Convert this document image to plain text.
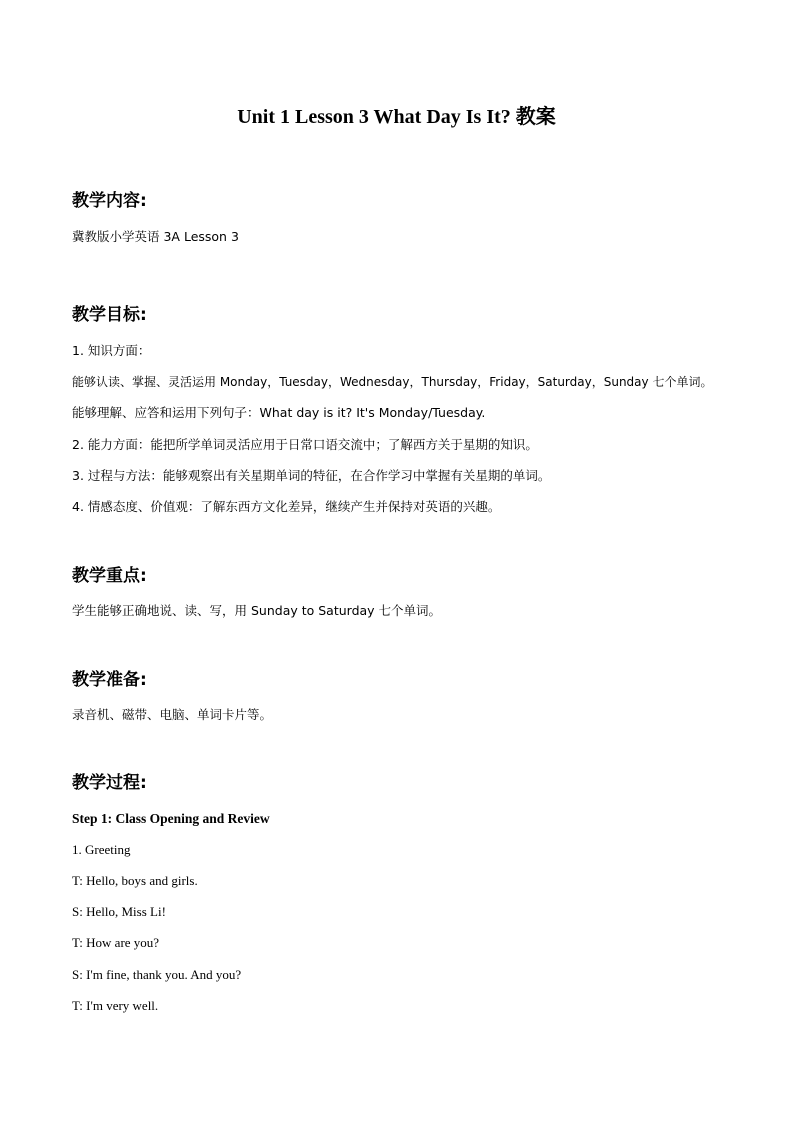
Unit 1 Lesson 3 What Day Is It? 教案
教学内容:
冀教版小学英语 3A Lesson 3
教学目标:
1. 知识方面：
能够认读、掌握、灵活运用 Monday，Tuesday，Wednesday，Thursday，Friday，Saturday，Sunday 七个单词。
能够理解、应答和运用下列句子：What day is it? It's Monday/Tuesday.
2. 能力方面：能把所学单词灵活应用于日常口语交流中；了解西方关于星期的知识。
3. 过程与方法：能够观察出有关星期单词的特征，在合作学习中掌握有关星期的单词。
4. 情感态度、价值观：了解东西方文化差异，继续产生并保持对英语的兴趣。
教学重点:
学生能够正确地说、读、写，用 Sunday to Saturday 七个单词。
教学准备:
录音机、磁带、电脑、单词卡片等。
教学过程:
Step 1: Class Opening and Review
1. Greeting
T: Hello, boys and girls.
S: Hello, Miss Li!
T: How are you?
S: I'm fine, thank you. And you?
T: I'm very well.
